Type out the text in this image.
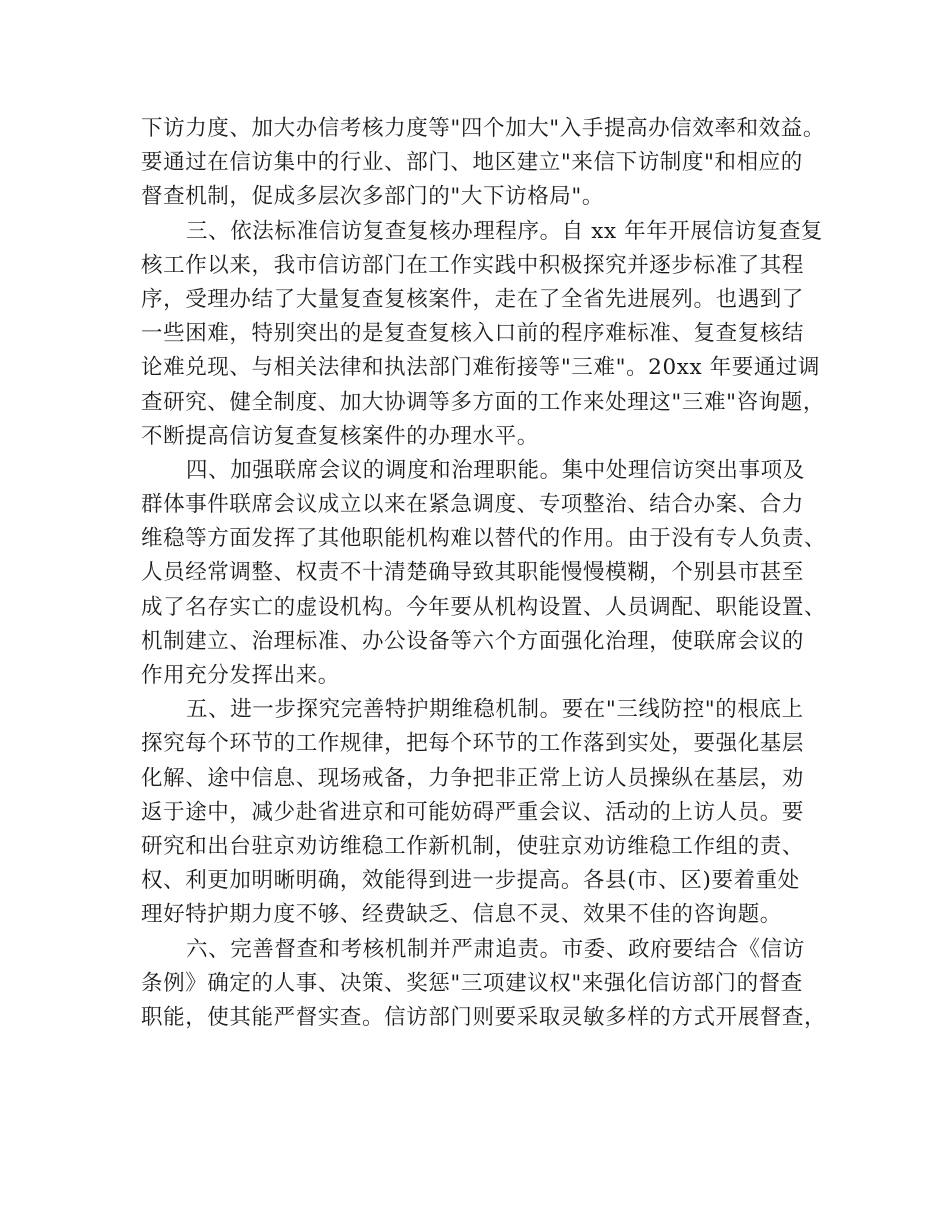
下访力度、加大办信考核力度等"四个加大"入手提高办信效率和效益。
要通过在信访集中的行业、部门、地区建立"来信下访制度"和相应的
督查机制，促成多层次多部门的"大下访格局"。
三、依法标准信访复查复核办理程序。自 xx 年年开展信访复查复
核工作以来，我市信访部门在工作实践中积极探究并逐步标准了其程
序，受理办结了大量复查复核案件，走在了全省先进展列。也遇到了
一些困难，特别突出的是复查复核入口前的程序难标准、复查复核结
论难兑现、与相关法律和执法部门难衔接等"三难"。20xx 年要通过调
查研究、健全制度、加大协调等多方面的工作来处理这"三难"咨询题，
不断提高信访复查复核案件的办理水平。
四、加强联席会议的调度和治理职能。集中处理信访突出事项及
群体事件联席会议成立以来在紧急调度、专项整治、结合办案、合力
维稳等方面发挥了其他职能机构难以替代的作用。由于没有专人负责、
人员经常调整、权责不十清楚确导致其职能慢慢模糊，个别县市甚至
成了名存实亡的虚设机构。今年要从机构设置、人员调配、职能设置、
机制建立、治理标准、办公设备等六个方面强化治理，使联席会议的
作用充分发挥出来。
五、进一步探究完善特护期维稳机制。要在"三线防控"的根底上
探究每个环节的工作规律，把每个环节的工作落到实处，要强化基层
化解、途中信息、现场戒备，力争把非正常上访人员操纵在基层，劝
返于途中，减少赴省进京和可能妨碍严重会议、活动的上访人员。要
研究和出台驻京劝访维稳工作新机制，使驻京劝访维稳工作组的责、
权、利更加明晰明确，效能得到进一步提高。各县(市、区)要着重处
理好特护期力度不够、经费缺乏、信息不灵、效果不佳的咨询题。
六、完善督查和考核机制并严肃追责。市委、政府要结合《信访
条例》确定的人事、决策、奖惩"三项建议权"来强化信访部门的督查
职能，使其能严督实查。信访部门则要采取灵敏多样的方式开展督查，
